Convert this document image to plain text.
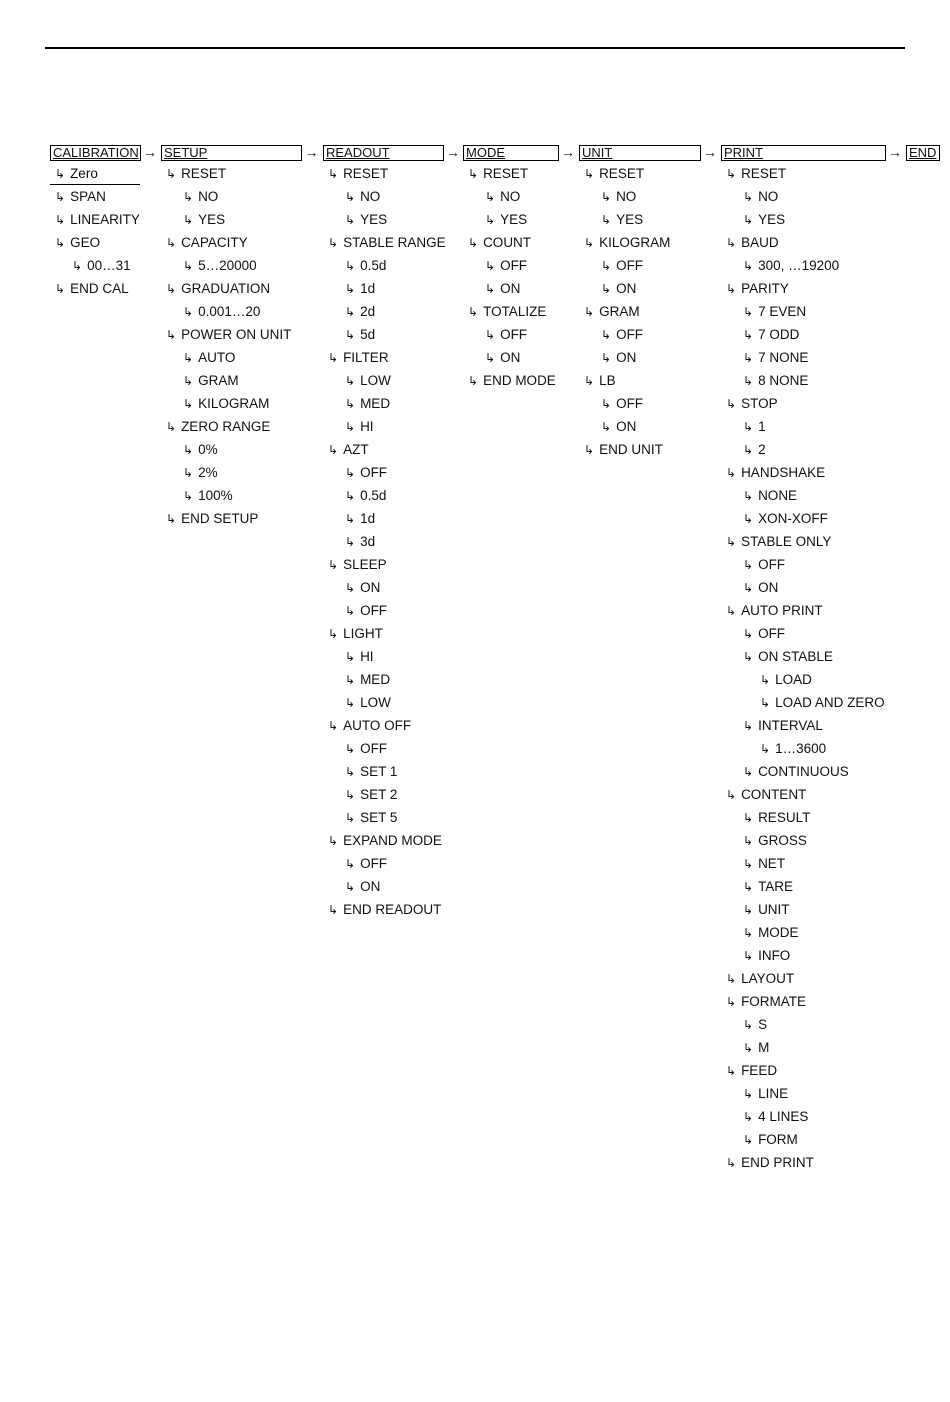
CALIBRATION →
↳ Zero
↳ SPAN
↳ LINEARITY
↳ GEO
↳ 00…31
↳ END CAL
SETUP	→
↳ RESET
↳ NO
↳ YES
↳ CAPACITY
↳ 5…20000
↳ GRADUATION
↳ 0.001…20
↳ POWER ON UNIT
↳ AUTO
↳ GRAM
↳ KILOGRAM
↳ ZERO RANGE
↳ 0%
↳ 2%
↳ 100%
↳ END SETUP
READOUT	→
↳ RESET
↳ NO
↳ YES
↳ STABLE RANGE
↳ 0.5d
↳ 1d
↳ 2d
↳ 5d
↳ FILTER
↳ LOW
↳ MED
↳ HI
↳ AZT
↳ OFF
↳ 0.5d
↳ 1d
↳ 3d
↳ SLEEP
↳ ON
↳ OFF
↳ LIGHT
↳ HI
↳ MED
↳ LOW
↳ AUTO OFF
↳ OFF
↳ SET 1
↳ SET 2
↳ SET 5
↳ EXPAND MODE
↳ OFF
↳ ON
↳ END READOUT
MODE	→
↳ RESET
↳ NO
↳ YES
↳ COUNT
↳ OFF
↳ ON
↳ TOTALIZE
↳ OFF
↳ ON
↳ END MODE
UNIT	→
↳ RESET
↳ NO
↳ YES
↳ KILOGRAM
↳ OFF
↳ ON
↳ GRAM
↳ OFF
↳ ON
↳ LB
↳ OFF
↳ ON
↳ END UNIT
PRINT	→
↳ RESET
↳ NO
↳ YES
↳ BAUD
↳ 300, …19200
↳ PARITY
↳ 7 EVEN
↳ 7 ODD
↳ 7 NONE
↳ 8 NONE
↳ STOP
↳ 1
↳ 2
↳ HANDSHAKE
↳ NONE
↳ XON-XOFF
↳ STABLE ONLY
↳ OFF
↳ ON
↳ AUTO PRINT
↳ OFF
↳ ON STABLE
↳ LOAD
↳ LOAD AND ZERO
↳ INTERVAL
↳ 1…3600
↳ CONTINUOUS
↳ CONTENT
↳ RESULT
↳ GROSS
↳ NET
↳ TARE
↳ UNIT
↳ MODE
↳ INFO
↳ LAYOUT
↳ FORMATE
↳ S
↳ M
↳ FEED
↳ LINE
↳ 4 LINES
↳ FORM
↳ END PRINT
END
